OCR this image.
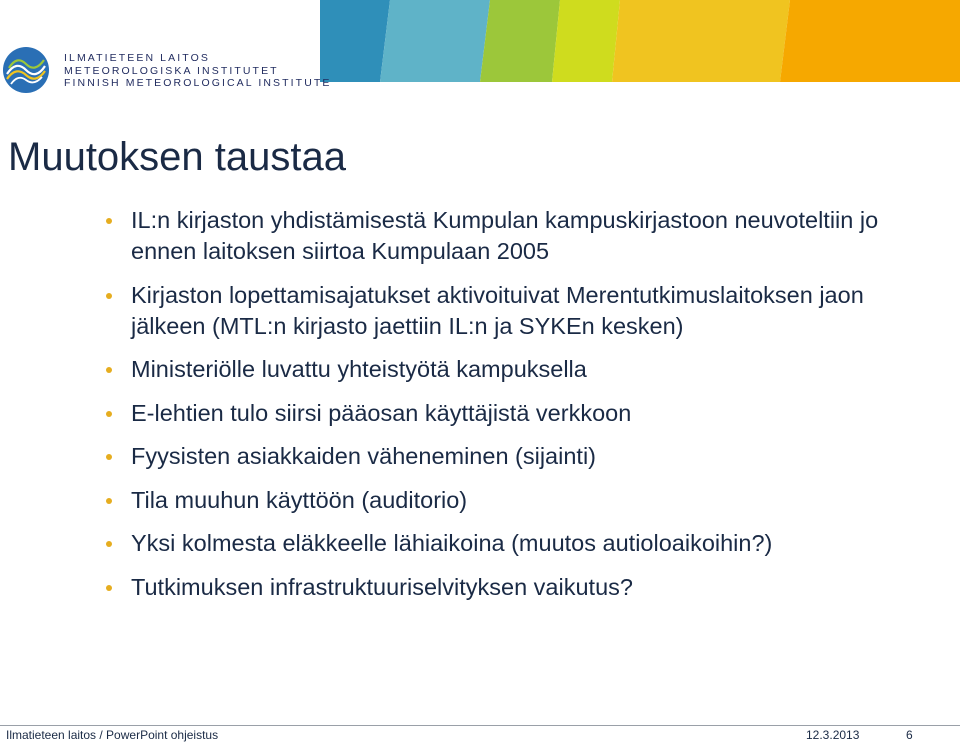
ILMATIETEEN LAITOS
METEOROLOGISKA INSTITUTET
FINNISH METEOROLOGICAL INSTITUTE
Muutoksen taustaa
IL:n kirjaston yhdistämisestä Kumpulan kampuskirjastoon neuvoteltiin jo ennen laitoksen siirtoa Kumpulaan 2005
Kirjaston lopettamisajatukset aktivoituivat Merentutkimuslaitoksen jaon jälkeen (MTL:n kirjasto jaettiin IL:n ja SYKEn kesken)
Ministeriölle luvattu yhteistyötä kampuksella
E-lehtien tulo siirsi pääosan käyttäjistä verkkoon
Fyysisten asiakkaiden väheneminen (sijainti)
Tila muuhun käyttöön (auditorio)
Yksi kolmesta eläkkeelle lähiaikoina (muutos autioloaikoihin?)
Tutkimuksen infrastruktuuriselvityksen vaikutus?
Ilmatieteen laitos / PowerPoint ohjeistus	12.3.2013	6
